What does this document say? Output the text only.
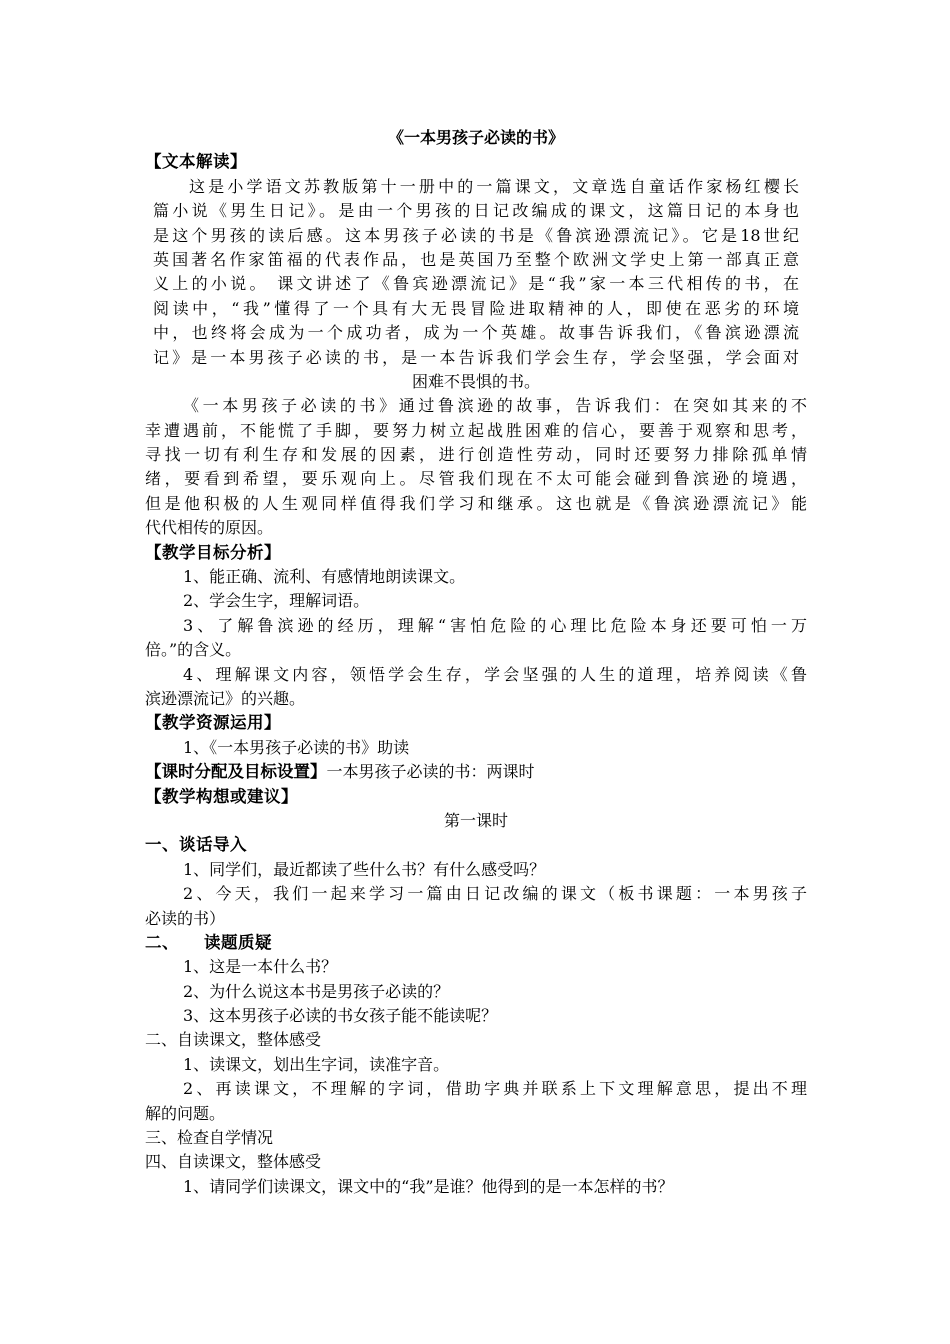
《一本男孩子必读的书》
【文本解读】
这是小学语文苏教版第十一册中的一篇课文，文章选自童话作家杨红樱长
篇小说《男生日记》。是由一个男孩的日记改编成的课文，这篇日记的本身也
是这个男孩的读后感。这本男孩子必读的书是《鲁滨逊漂流记》。它是18世纪
英国著名作家笛福的代表作品，也是英国乃至整个欧洲文学史上第一部真正意
义上的小说。 课文讲述了《鲁宾逊漂流记》是“我”家一本三代相传的书，在
阅读中，“我”懂得了一个具有大无畏冒险进取精神的人，即使在恶劣的环境
中，也终将会成为一个成功者，成为一个英雄。故事告诉我们，《鲁滨逊漂流
记》是一本男孩子必读的书，是一本告诉我们学会生存，学会坚强，学会面对
困难不畏惧的书。
《一本男孩子必读的书》通过鲁滨逊的故事，告诉我们：在突如其来的不
幸遭遇前，不能慌了手脚，要努力树立起战胜困难的信心，要善于观察和思考，
寻找一切有利生存和发展的因素，进行创造性劳动，同时还要努力排除孤单情
绪，要看到希望，要乐观向上。尽管我们现在不太可能会碰到鲁滨逊的境遇，
但是他积极的人生观同样值得我们学习和继承。这也就是《鲁滨逊漂流记》能
代代相传的原因。
【教学目标分析】
1、能正确、流利、有感情地朗读课文。
2、学会生字，理解词语。
3、了解鲁滨逊的经历，理解“害怕危险的心理比危险本身还要可怕一万
倍。”的含义。
4、理解课文内容，领悟学会生存，学会坚强的人生的道理，培养阅读《鲁
滨逊漂流记》的兴趣。
【教学资源运用】
1、《一本男孩子必读的书》助读
【课时分配及目标设置】一本男孩子必读的书：两课时
【教学构想或建议】
第一课时
一、谈话导入
1、同学们，最近都读了些什么书？有什么感受吗？
2、今天，我们一起来学习一篇由日记改编的课文（板书课题：一本男孩子
必读的书）
二、    读题质疑
1、这是一本什么书？
2、为什么说这本书是男孩子必读的？
3、这本男孩子必读的书女孩子能不能读呢？
二、自读课文，整体感受
1、读课文，划出生字词，读准字音。
2、再读课文，不理解的字词，借助字典并联系上下文理解意思，提出不理
解的问题。
三、检查自学情况
四、自读课文，整体感受
1、请同学们读课文，课文中的“我”是谁？他得到的是一本怎样的书？
